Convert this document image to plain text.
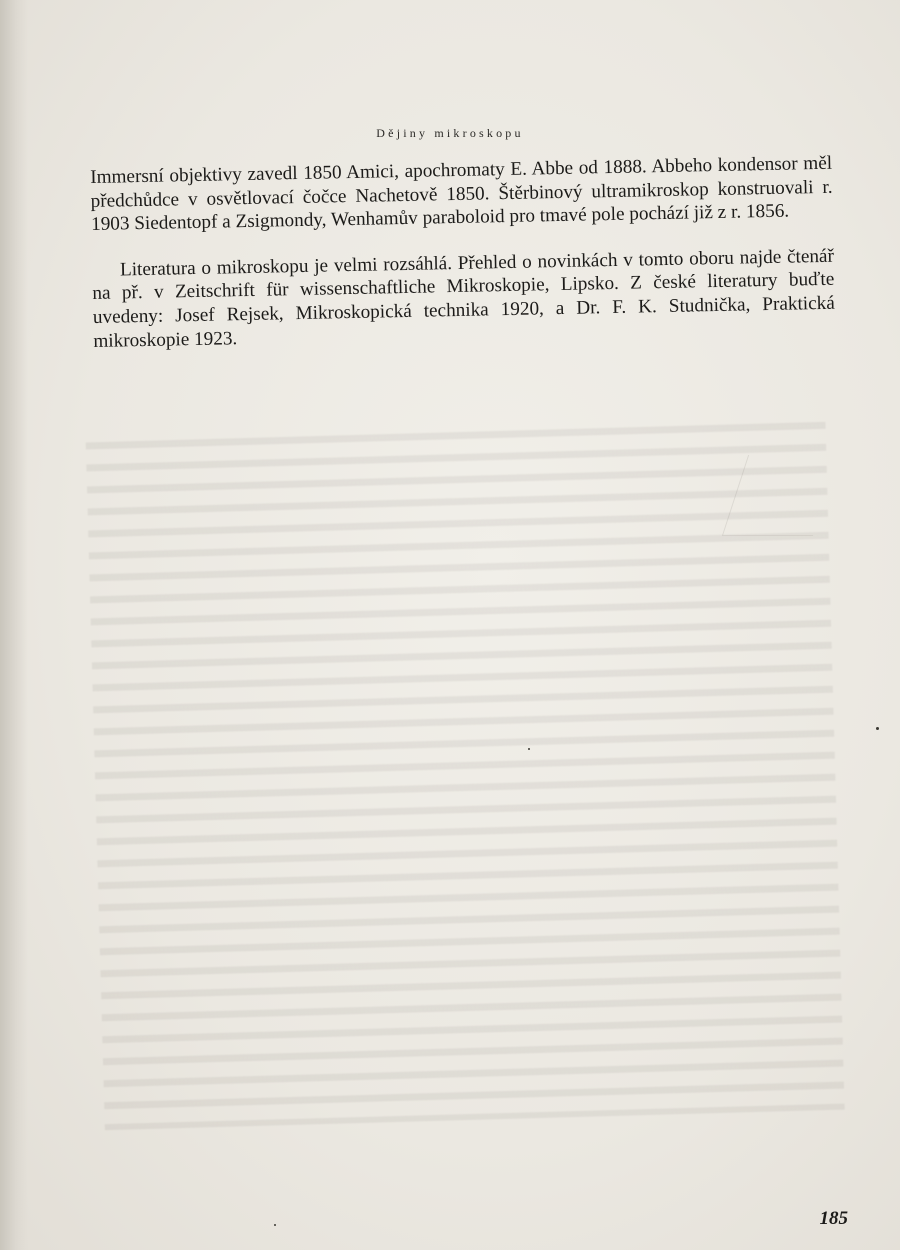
Dějiny mikroskopu

Immersní objektivy zavedl 1850 Amici, apochromaty E. Abbe od 1888. Abbeho kondensor měl předchůdce v osvětlovací čočce Nachetově 1850. Štěrbinový ultramikroskop konstruovali r. 1903 Siedentopf a Zsigmondy, Wenhamův paraboloid pro tmavé pole pochází již z r. 1856.

Literatura o mikroskopu je velmi rozsáhlá. Přehled o novinkách v tomto oboru najde čtenář na př. v Zeitschrift für wissenschaftliche Mikroskopie, Lipsko. Z české literatury buďte uvedeny: Josef Rejsek, Mikroskopická technika 1920, a Dr. F. K. Studnička, Praktická mikroskopie 1923.

185
